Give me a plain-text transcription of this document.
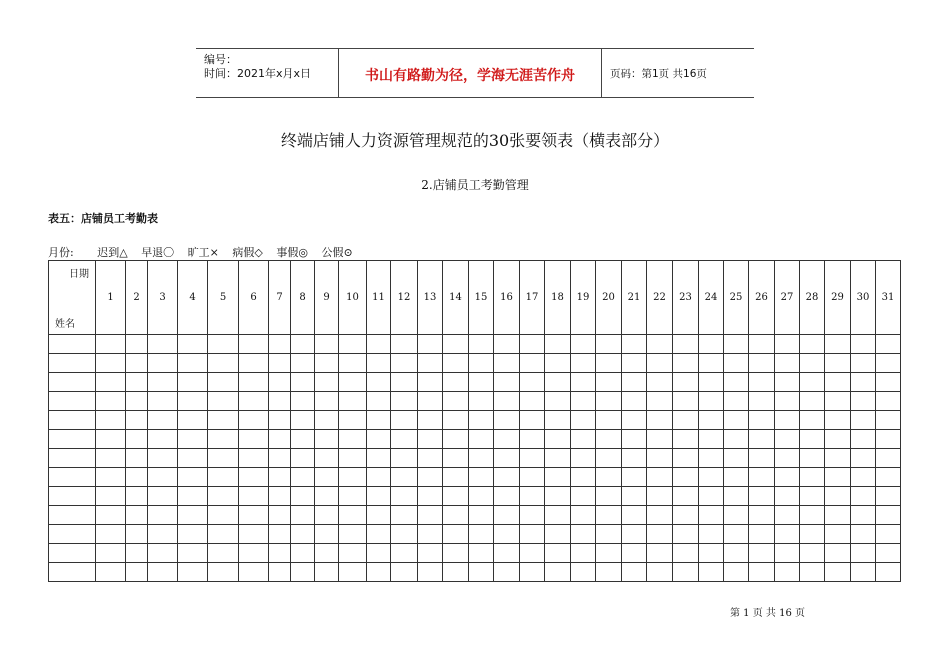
编号：
时间：2021年x月x日	书山有路勤为径，学海无涯苦作舟	页码：第1页 共16页
终端店铺人力资源管理规范的30张要领表（横表部分）
2.店铺员工考勤管理
表五：店铺员工考勤表
月份: 迟到△ 早退〇 旷工× 病假◇ 事假◎ 公假⊙
日期
姓名	1	2	3	4	5	6	7	8	9	10	11	12	13	14	15	16	17	18	19	20	21	22	23	24	25	26	27	28	29	30	31

第 1 页 共 16 页
